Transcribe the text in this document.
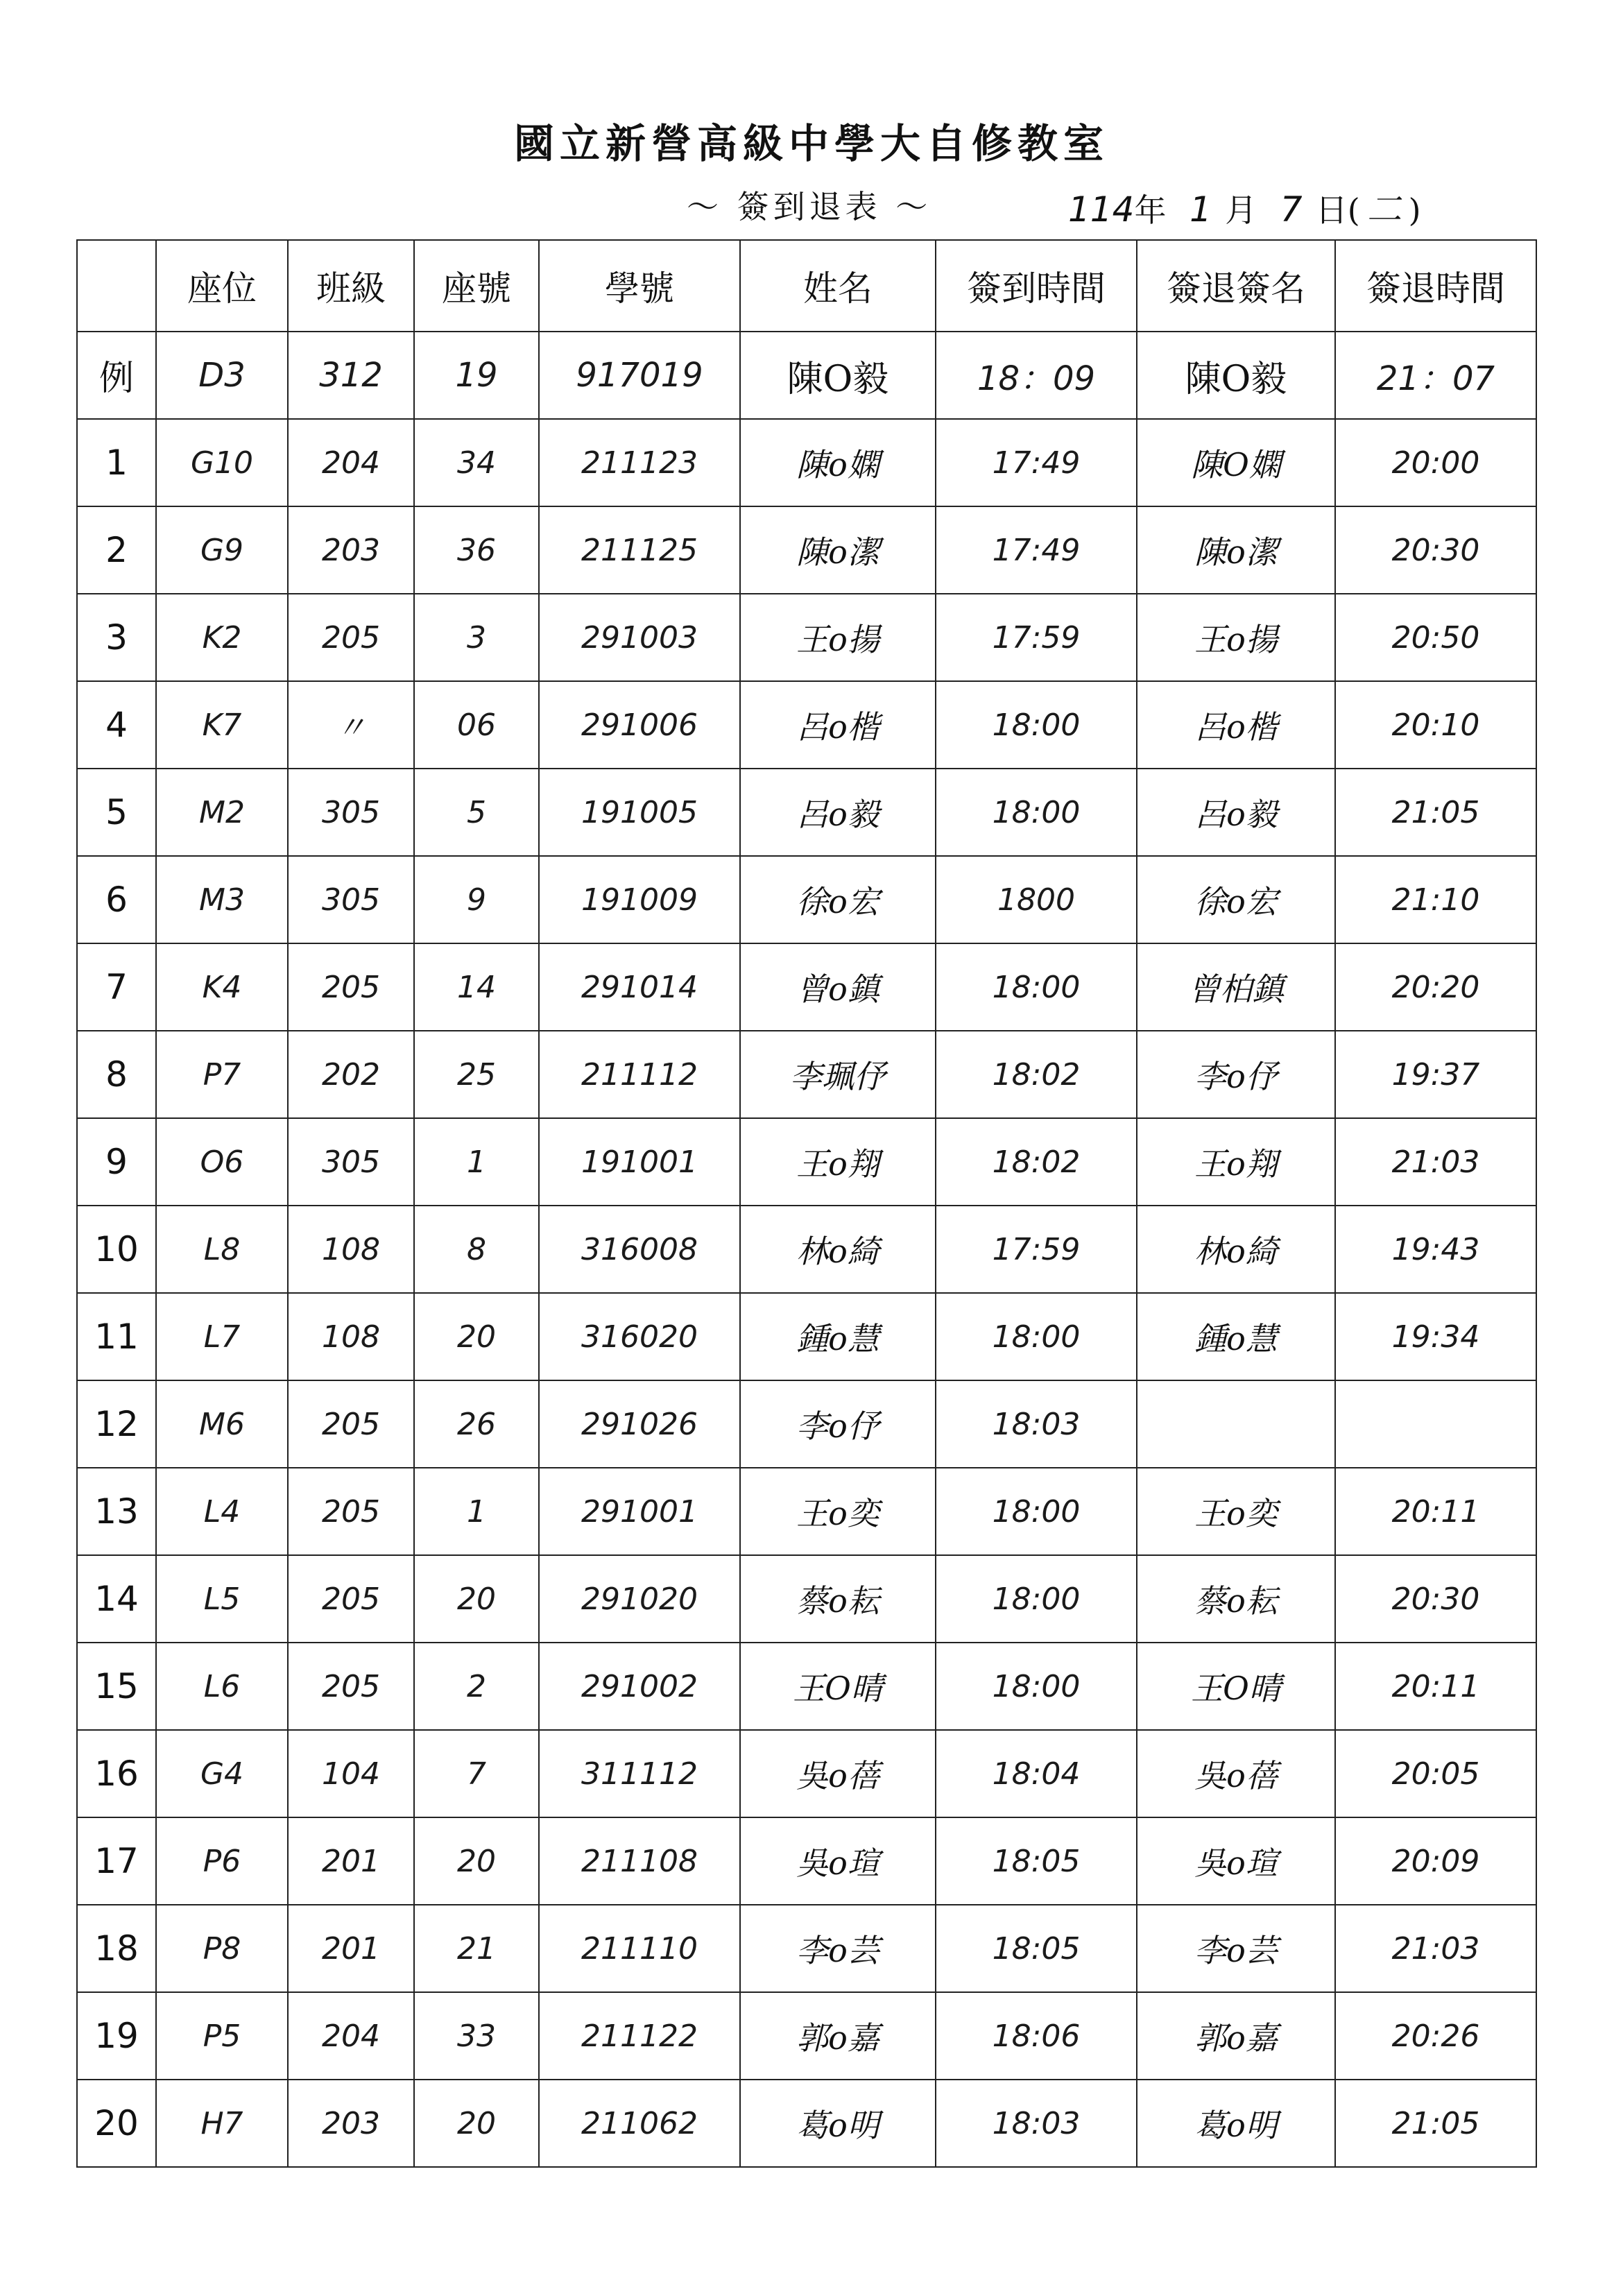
國立新營高級中學大自修教室
～ 簽到退表 ～	114年 1 月 7 日( 二 )
	座位	班級	座號	學號	姓名	簽到時間	簽退簽名	簽退時間
例	D3	312	19	917019	陳O毅	18：09	陳O毅	21：07
1	G10	204	34	211123	陳o嫻	17:49	陳O嫻	20:00
2	G9	203	36	211125	陳o潔	17:49	陳o潔	20:30
3	K2	205	3	291003	王o揚	17:59	王o揚	20:50
4	K7	〃	06	291006	呂o楷	18:00	呂o楷	20:10
5	M2	305	5	191005	呂o毅	18:00	呂o毅	21:05
6	M3	305	9	191009	徐o宏	1800	徐o宏	21:10
7	K4	205	14	291014	曾o鎮	18:00	曾柏鎮	20:20
8	P7	202	25	211112	李珮伃	18:02	李o伃	19:37
9	O6	305	1	191001	王o翔	18:02	王o翔	21:03
10	L8	108	8	316008	林o綺	17:59	林o綺	19:43
11	L7	108	20	316020	鍾o慧	18:00	鍾o慧	19:34
12	M6	205	26	291026	李o伃	18:03		
13	L4	205	1	291001	王o奕	18:00	王o奕	20:11
14	L5	205	20	291020	蔡o耘	18:00	蔡o耘	20:30
15	L6	205	2	291002	王O晴	18:00	王O晴	20:11
16	G4	104	7	311112	吳o蓓	18:04	吳o蓓	20:05
17	P6	201	20	211108	吳o瑄	18:05	吳o瑄	20:09
18	P8	201	21	211110	李o芸	18:05	李o芸	21:03
19	P5	204	33	211122	郭o嘉	18:06	郭o嘉	20:26
20	H7	203	20	211062	葛o明	18:03	葛o明	21:05
